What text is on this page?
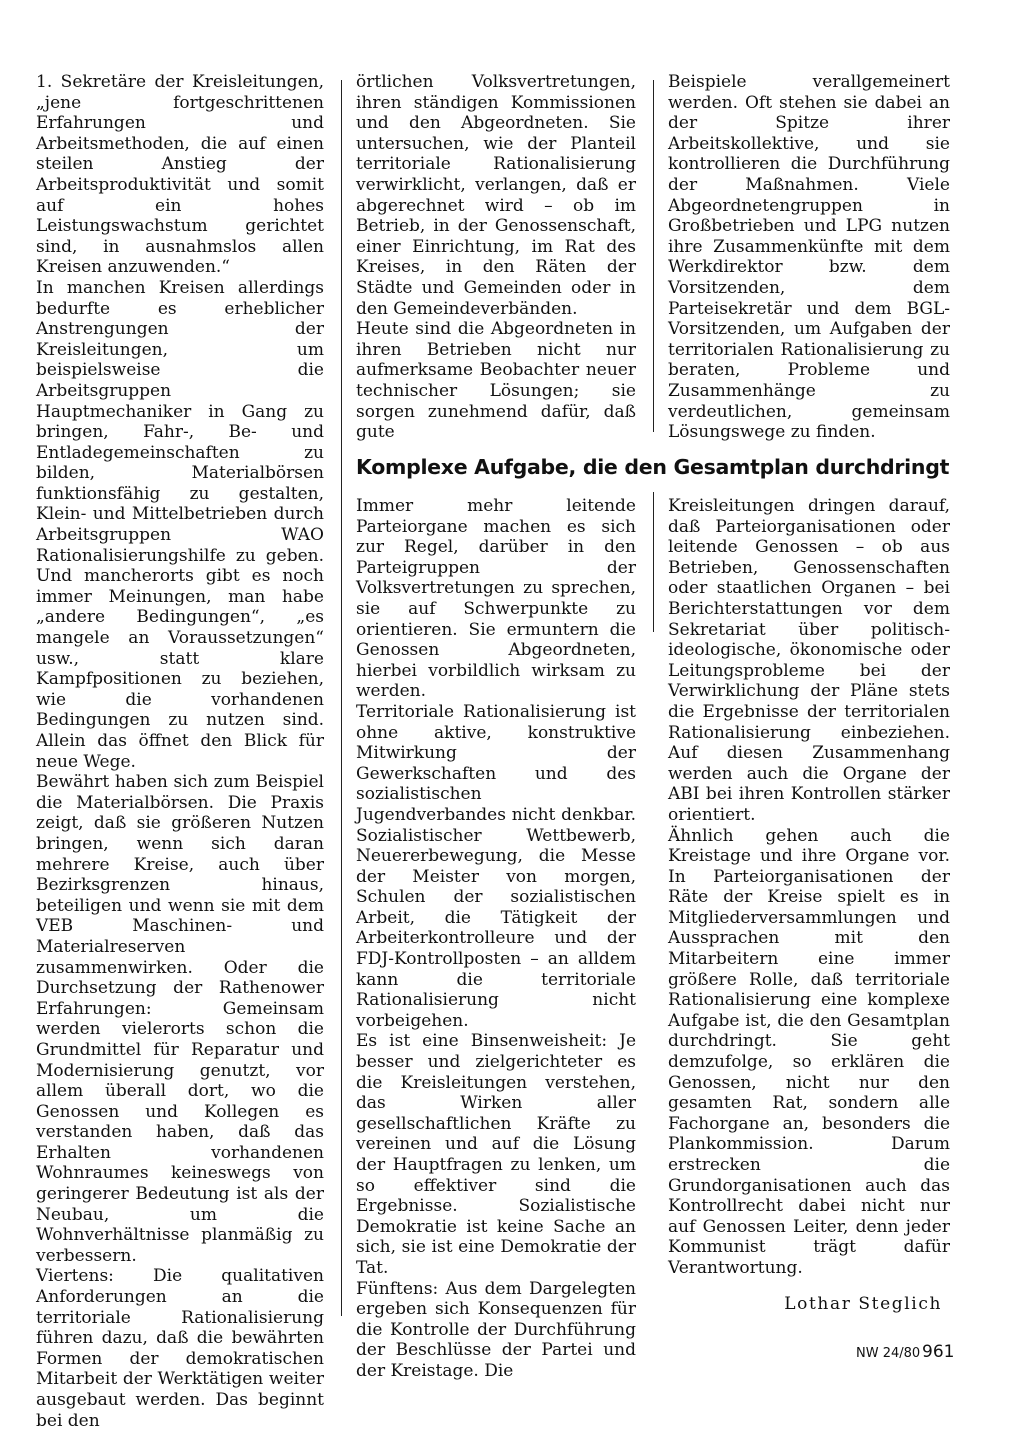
1. Sekretäre der Kreisleitungen, „jene fortgeschrittenen Erfahrungen und Arbeitsmethoden, die auf einen steilen Anstieg der Arbeitsproduktivität und somit auf ein hohes Leistungswachstum gerichtet sind, in ausnahmslos allen Kreisen anzuwenden.“

In manchen Kreisen allerdings bedurfte es erheblicher Anstrengungen der Kreisleitungen, um beispielsweise die Arbeitsgruppen Hauptmechaniker in Gang zu bringen, Fahr-, Be- und Entladegemeinschaften zu bilden, Materialbörsen funktionsfähig zu gestalten, Klein- und Mittelbetrieben durch Arbeitsgruppen WAO Rationalisierungshilfe zu geben. Und mancherorts gibt es noch immer Meinungen, man habe „andere Bedingungen“, „es mangele an Voraussetzungen“ usw., statt klare Kampfpositionen zu beziehen, wie die vorhandenen Bedingungen zu nutzen sind. Allein das öffnet den Blick für neue Wege.

Bewährt haben sich zum Beispiel die Materialbörsen. Die Praxis zeigt, daß sie größeren Nutzen bringen, wenn sich daran mehrere Kreise, auch über Bezirksgrenzen hinaus, beteiligen und wenn sie mit dem VEB Maschinen- und Materialreserven zusammenwirken. Oder die Durchsetzung der Rathenower Erfahrungen: Gemeinsam werden vielerorts schon die Grundmittel für Reparatur und Modernisierung genutzt, vor allem überall dort, wo die Genossen und Kollegen es verstanden haben, daß das Erhalten vorhandenen Wohnraumes keineswegs von geringerer Bedeutung ist als der Neubau, um die Wohnverhältnisse planmäßig zu verbessern.

Viertens: Die qualitativen Anforderungen an die territoriale Rationalisierung führen dazu, daß die bewährten Formen der demokratischen Mitarbeit der Werktätigen weiter ausgebaut werden. Das beginnt bei den

örtlichen Volksvertretungen, ihren ständigen Kommissionen und den Abgeordneten. Sie untersuchen, wie der Planteil territoriale Rationalisierung verwirklicht, verlangen, daß er abgerechnet wird – ob im Betrieb, in der Genossenschaft, einer Einrichtung, im Rat des Kreises, in den Räten der Städte und Gemeinden oder in den Gemeindeverbänden.

Heute sind die Abgeordneten in ihren Betrieben nicht nur aufmerksame Beobachter neuer technischer Lösungen; sie sorgen zunehmend dafür, daß gute

Beispiele verallgemeinert werden. Oft stehen sie dabei an der Spitze ihrer Arbeitskollektive, und sie kontrollieren die Durchführung der Maßnahmen. Viele Abgeordnetengruppen in Großbetrieben und LPG nutzen ihre Zusammenkünfte mit dem Werkdirektor bzw. dem Vorsitzenden, dem Parteisekretär und dem BGL-Vorsitzenden, um Aufgaben der territorialen Rationalisierung zu beraten, Probleme und Zusammenhänge zu verdeutlichen, gemeinsam Lösungswege zu finden.

Komplexe Aufgabe, die den Gesamtplan durchdringt

Immer mehr leitende Parteiorgane machen es sich zur Regel, darüber in den Parteigruppen der Volksvertretungen zu sprechen, sie auf Schwerpunkte zu orientieren. Sie ermuntern die Genossen Abgeordneten, hierbei vorbildlich wirksam zu werden.

Territoriale Rationalisierung ist ohne aktive, konstruktive Mitwirkung der Gewerkschaften und des sozialistischen Jugendverbandes nicht denkbar. Sozialistischer Wettbewerb, Neuererbewegung, die Messe der Meister von morgen, Schulen der sozialistischen Arbeit, die Tätigkeit der Arbeiterkontrolleure und der FDJ-Kontrollposten – an alldem kann die territoriale Rationalisierung nicht vorbeigehen.

Es ist eine Binsenweisheit: Je besser und zielgerichteter es die Kreisleitungen verstehen, das Wirken aller gesellschaftlichen Kräfte zu vereinen und auf die Lösung der Hauptfragen zu lenken, um so effektiver sind die Ergebnisse. Sozialistische Demokratie ist keine Sache an sich, sie ist eine Demokratie der Tat.

Fünftens: Aus dem Dargelegten ergeben sich Konsequenzen für die Kontrolle der Durchführung der Beschlüsse der Partei und der Kreistage. Die

Kreisleitungen dringen darauf, daß Parteiorganisationen oder leitende Genossen – ob aus Betrieben, Genossenschaften oder staatlichen Organen – bei Berichterstattungen vor dem Sekretariat über politisch-ideologische, ökonomische oder Leitungsprobleme bei der Verwirklichung der Pläne stets die Ergebnisse der territorialen Rationalisierung einbeziehen. Auf diesen Zusammenhang werden auch die Organe der ABI bei ihren Kontrollen stärker orientiert.

Ähnlich gehen auch die Kreistage und ihre Organe vor. In Parteiorganisationen der Räte der Kreise spielt es in Mitgliederversammlungen und Aussprachen mit den Mitarbeitern eine immer größere Rolle, daß territoriale Rationalisierung eine komplexe Aufgabe ist, die den Gesamtplan durchdringt. Sie geht demzufolge, so erklären die Genossen, nicht nur den gesamten Rat, sondern alle Fachorgane an, besonders die Plankommission. Darum erstrecken die Grundorganisationen auch das Kontrollrecht dabei nicht nur auf Genossen Leiter, denn jeder Kommunist trägt dafür Verantwortung.

Lothar Steglich
NW 24/80 961
